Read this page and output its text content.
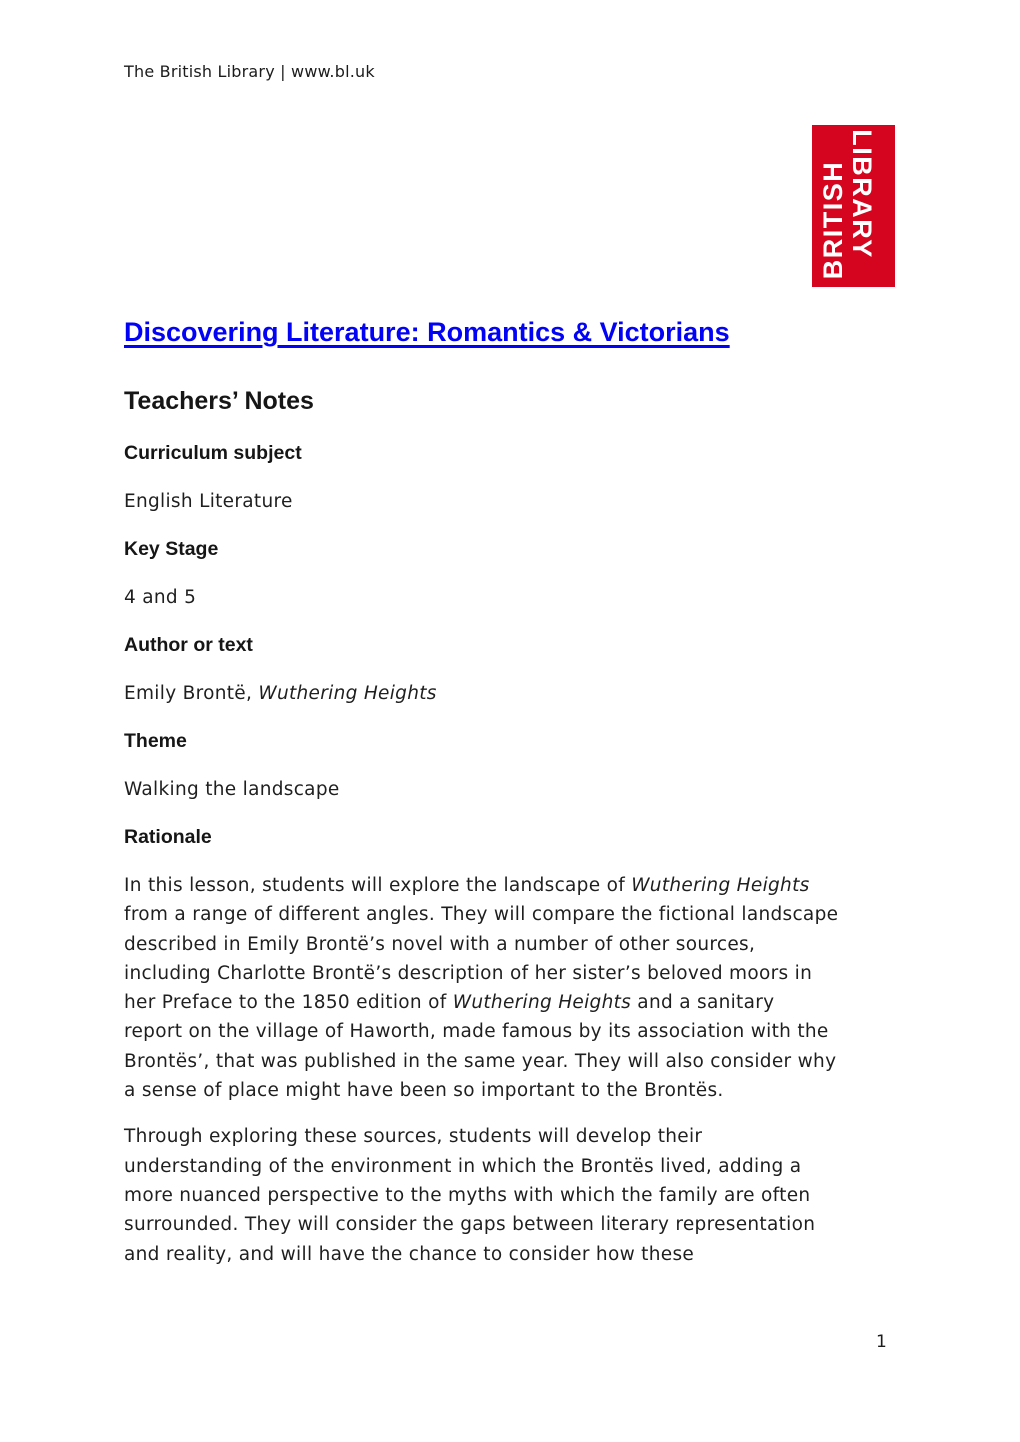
The British Library | www.bl.uk
Discovering Literature: Romantics & Victorians
Teachers’ Notes
Curriculum subject
English Literature
Key Stage
4 and 5
Author or text
Emily Brontë, Wuthering Heights
Theme
Walking the landscape
Rationale
In this lesson, students will explore the landscape of Wuthering Heights
from a range of different angles. They will compare the fictional landscape
described in Emily Brontë’s novel with a number of other sources,
including Charlotte Brontë’s description of her sister’s beloved moors in
her Preface to the 1850 edition of Wuthering Heights and a sanitary
report on the village of Haworth, made famous by its association with the
Brontës’, that was published in the same year. They will also consider why
a sense of place might have been so important to the Brontës.
Through exploring these sources, students will develop their
understanding of the environment in which the Brontës lived, adding a
more nuanced perspective to the myths with which the family are often
surrounded. They will consider the gaps between literary representation
and reality, and will have the chance to consider how these
BRITISH LIBRARY
1
